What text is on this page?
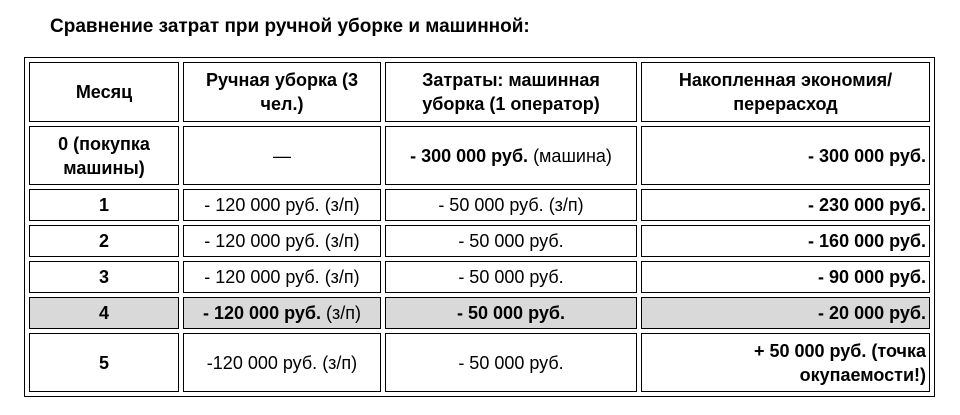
Сравнение затрат при ручной уборке и машинной:
Месяц	Ручная уборка (3 чел.)	Затраты: машинная уборка (1 оператор)	Накопленная экономия/перерасход
0 (покупка машины)	—	- 300 000 руб. (машина)	- 300 000 руб.
1	- 120 000 руб. (з/п)	- 50 000 руб. (з/п)	- 230 000 руб.
2	- 120 000 руб. (з/п)	- 50 000 руб.	- 160 000 руб.
3	- 120 000 руб. (з/п)	- 50 000 руб.	- 90 000 руб.
4	- 120 000 руб. (з/п)	- 50 000 руб.	- 20 000 руб.
5	-120 000 руб. (з/п)	- 50 000 руб.	+ 50 000 руб. (точка окупаемости!)
